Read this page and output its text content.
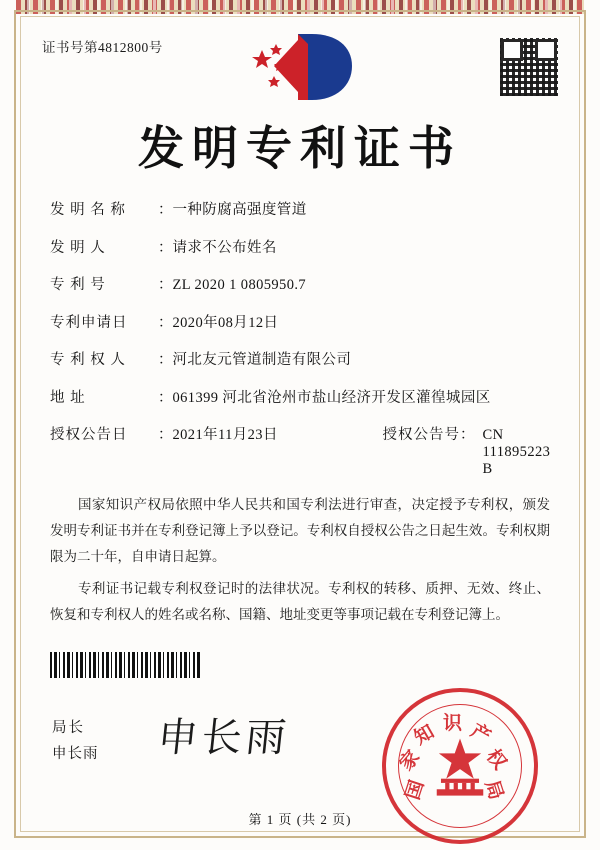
证书号第4812800号
发明专利证书
发 明 名 称	： 一种防腐高强度管道
发 明 人	： 请求不公布姓名
专 利 号	： ZL 2020 1 0805950.7
专利申请日	： 2020年08月12日
专 利 权 人	： 河北友元管道制造有限公司
地 址	： 061399 河北省沧州市盐山经济开发区灌徨城园区
授权公告日	： 2021年11月23日	授权公告号 ： CN 111895223 B

国家知识产权局依照中华人民共和国专利法进行审查，决定授予专利权，颁发发明专利证书并在专利登记簿上予以登记。专利权自授权公告之日起生效。专利权期限为二十年，自申请日起算。

专利证书记载专利权登记时的法律状况。专利权的转移、质押、无效、终止、恢复和专利权人的姓名或名称、国籍、地址变更等事项记载在专利登记簿上。

局长
申长雨 申长雨
国
家
知 识 产
权
局
第 1 页 (共 2 页)
